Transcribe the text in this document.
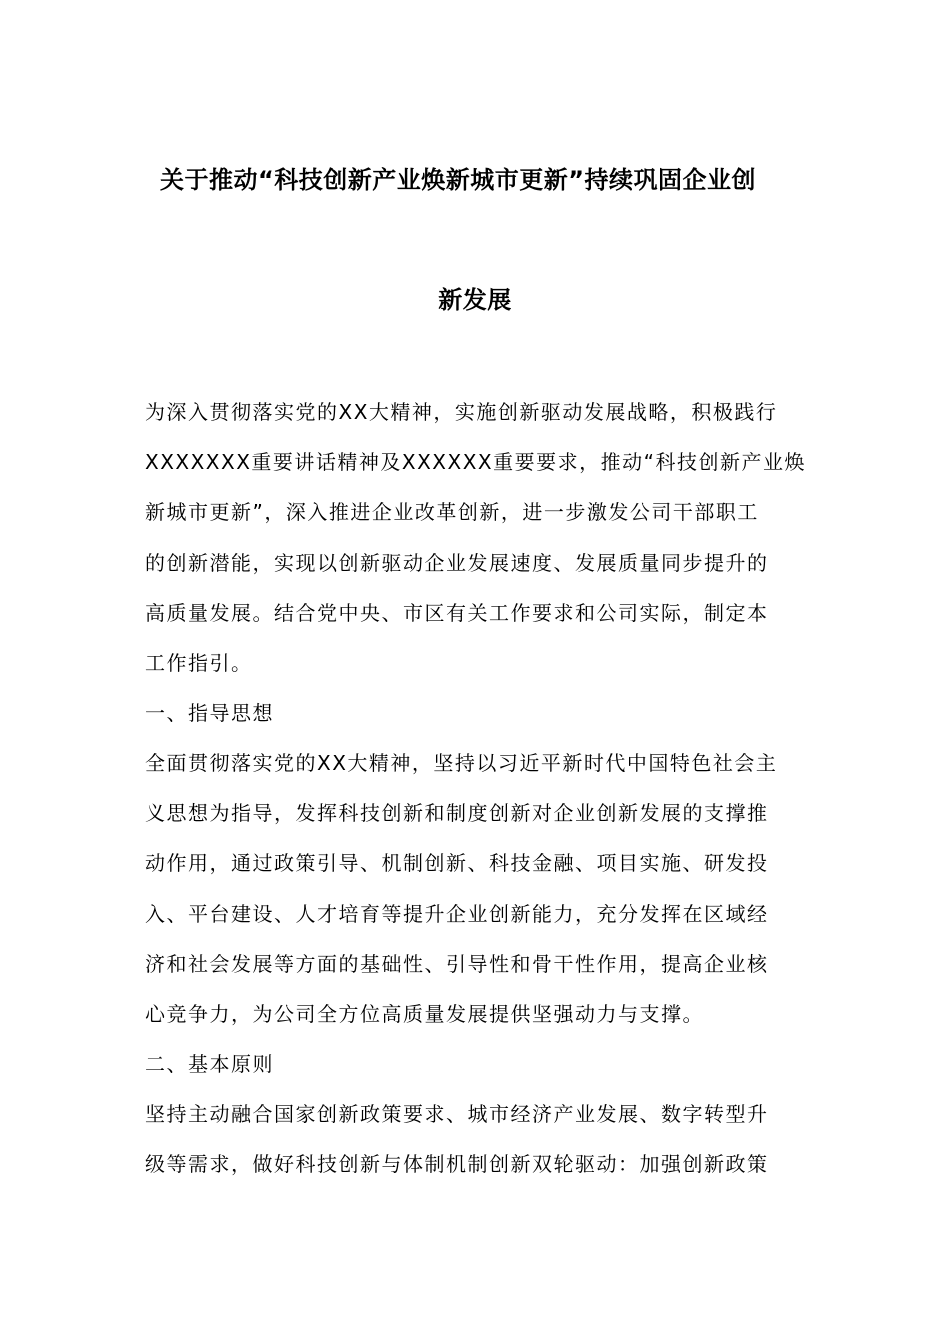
关于推动“科技创新产业焕新城市更新”持续巩固企业创
新发展
为深入贯彻落实党的XX大精神，实施创新驱动发展战略，积极践行
XXXXXXX重要讲话精神及XXXXXX重要要求，推动“科技创新产业焕
新城市更新”，深入推进企业改革创新，进一步激发公司干部职工
的创新潜能，实现以创新驱动企业发展速度、发展质量同步提升的
高质量发展。结合党中央、市区有关工作要求和公司实际，制定本
工作指引。
一、指导思想
全面贯彻落实党的XX大精神，坚持以习近平新时代中国特色社会主
义思想为指导，发挥科技创新和制度创新对企业创新发展的支撑推
动作用，通过政策引导、机制创新、科技金融、项目实施、研发投
入、平台建设、人才培育等提升企业创新能力，充分发挥在区域经
济和社会发展等方面的基础性、引导性和骨干性作用，提高企业核
心竞争力，为公司全方位高质量发展提供坚强动力与支撑。
二、基本原则
坚持主动融合国家创新政策要求、城市经济产业发展、数字转型升
级等需求，做好科技创新与体制机制创新双轮驱动：加强创新政策
